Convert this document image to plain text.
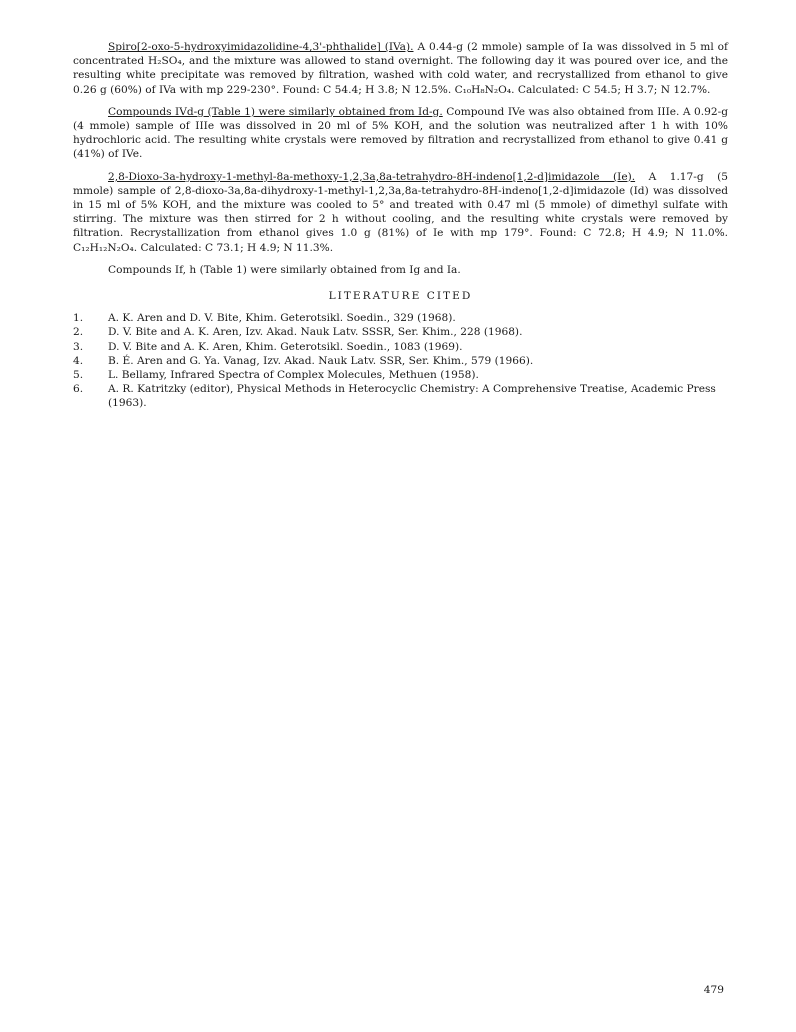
Spiro[2-oxo-5-hydroxyimidazolidine-4,3'-phthalide] (IVa). A 0.44-g (2 mmole) sample of Ia was dissolved in 5 ml of concentrated H₂SO₄, and the mixture was allowed to stand overnight. The following day it was poured over ice, and the resulting white precipitate was removed by filtration, washed with cold water, and recrystallized from ethanol to give 0.26 g (60%) of IVa with mp 229-230°. Found: C 54.4; H 3.8; N 12.5%. C₁₀H₈N₂O₄. Calculated: C 54.5; H 3.7; N 12.7%.

Compounds IVd-g (Table 1) were similarly obtained from Id-g. Compound IVe was also obtained from IIIe. A 0.92-g (4 mmole) sample of IIIe was dissolved in 20 ml of 5% KOH, and the solution was neutralized after 1 h with 10% hydrochloric acid. The resulting white crystals were removed by filtration and recrystallized from ethanol to give 0.41 g (41%) of IVe.

2,8-Dioxo-3a-hydroxy-1-methyl-8a-methoxy-1,2,3a,8a-tetrahydro-8H-indeno[1,2-d]imidazole (Ie). A 1.17-g (5 mmole) sample of 2,8-dioxo-3a,8a-dihydroxy-1-methyl-1,2,3a,8a-tetrahydro-8H-indeno[1,2-d]imidazole (Id) was dissolved in 15 ml of 5% KOH, and the mixture was cooled to 5° and treated with 0.47 ml (5 mmole) of dimethyl sulfate with stirring. The mixture was then stirred for 2 h without cooling, and the resulting white crystals were removed by filtration. Recrystallization from ethanol gives 1.0 g (81%) of Ie with mp 179°. Found: C 72.8; H 4.9; N 11.0%. C₁₂H₁₂N₂O₄. Calculated: C 73.1; H 4.9; N 11.3%.

Compounds If, h (Table 1) were similarly obtained from Ig and Ia.

LITERATURE CITED
1.	A. K. Aren and D. V. Bite, Khim. Geterotsikl. Soedin., 329 (1968).
2.	D. V. Bite and A. K. Aren, Izv. Akad. Nauk Latv. SSSR, Ser. Khim., 228 (1968).
3.	D. V. Bite and A. K. Aren, Khim. Geterotsikl. Soedin., 1083 (1969).
4.	B. É. Aren and G. Ya. Vanag, Izv. Akad. Nauk Latv. SSR, Ser. Khim., 579 (1966).
5.	L. Bellamy, Infrared Spectra of Complex Molecules, Methuen (1958).
6.	A. R. Katritzky (editor), Physical Methods in Heterocyclic Chemistry: A Comprehensive Treatise, Academic Press (1963).
479
